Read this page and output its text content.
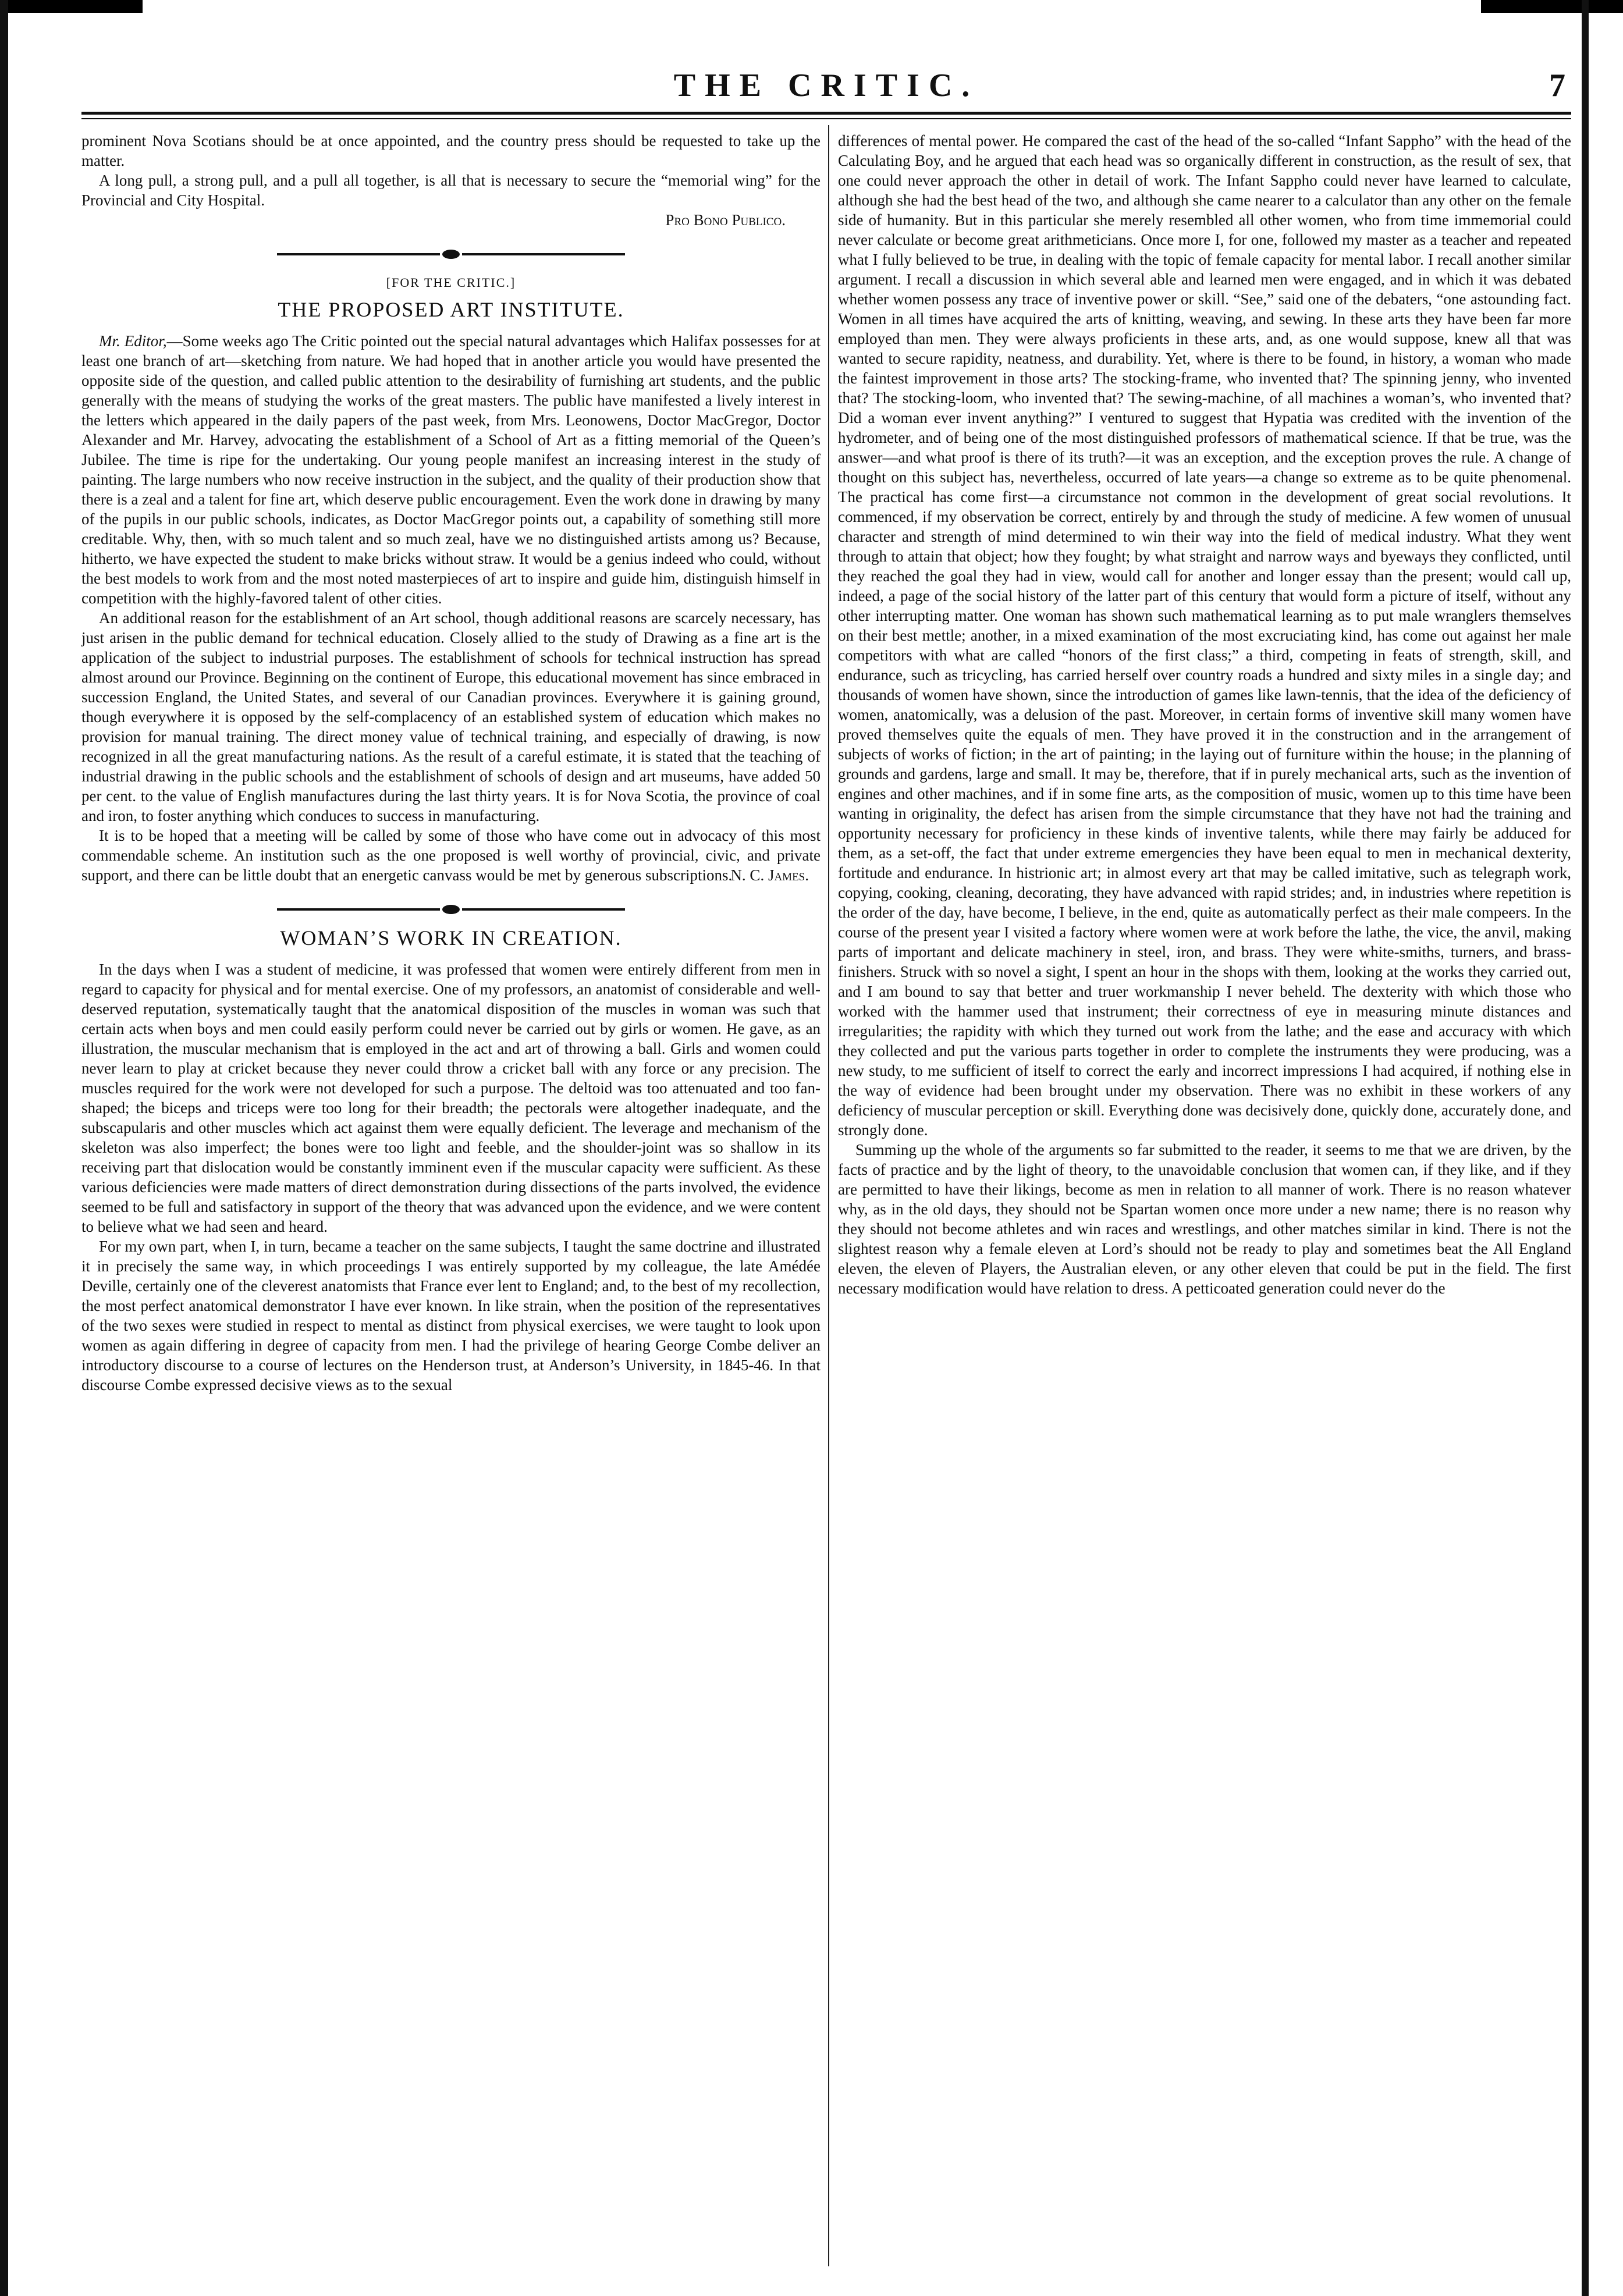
THE CRITIC.	7

prominent Nova Scotians should be at once appointed, and the country press should be requested to take up the matter.

A long pull, a strong pull, and a pull all together, is all that is necessary to secure the “memorial wing” for the Provincial and City Hospital.

Pro Bono Publico.
[FOR THE CRITIC.]
THE PROPOSED ART INSTITUTE.

Mr. Editor,—Some weeks ago The Critic pointed out the special natural advantages which Halifax possesses for at least one branch of art—sketching from nature. We had hoped that in another article you would have presented the opposite side of the question, and called public attention to the desirability of furnishing art students, and the public generally with the means of studying the works of the great masters. The public have manifested a lively interest in the letters which appeared in the daily papers of the past week, from Mrs. Leonowens, Doctor MacGregor, Doctor Alexander and Mr. Harvey, advocating the establishment of a School of Art as a fitting memorial of the Queen’s Jubilee. The time is ripe for the undertaking. Our young people manifest an increasing interest in the study of painting. The large numbers who now receive instruction in the subject, and the quality of their production show that there is a zeal and a talent for fine art, which deserve public encouragement. Even the work done in drawing by many of the pupils in our public schools, indicates, as Doctor MacGregor points out, a capability of something still more creditable. Why, then, with so much talent and so much zeal, have we no distinguished artists among us? Because, hitherto, we have expected the student to make bricks without straw. It would be a genius indeed who could, without the best models to work from and the most noted masterpieces of art to inspire and guide him, distinguish himself in competition with the highly-favored talent of other cities.

An additional reason for the establishment of an Art school, though additional reasons are scarcely necessary, has just arisen in the public demand for technical education. Closely allied to the study of Drawing as a fine art is the application of the subject to industrial purposes. The establishment of schools for technical instruction has spread almost around our Province. Beginning on the continent of Europe, this educational movement has since embraced in succession England, the United States, and several of our Canadian provinces. Everywhere it is gaining ground, though everywhere it is opposed by the self-complacency of an established system of education which makes no provision for manual training. The direct money value of technical training, and especially of drawing, is now recognized in all the great manufacturing nations. As the result of a careful estimate, it is stated that the teaching of industrial drawing in the public schools and the establishment of schools of design and art museums, have added 50 per cent. to the value of English manufactures during the last thirty years. It is for Nova Scotia, the province of coal and iron, to foster anything which conduces to success in manufacturing.

It is to be hoped that a meeting will be called by some of those who have come out in advocacy of this most commendable scheme. An institution such as the one proposed is well worthy of provincial, civic, and private support, and there can be little doubt that an energetic canvass would be met by generous subscriptions.

N. C. James.
WOMAN’S WORK IN CREATION.

In the days when I was a student of medicine, it was professed that women were entirely different from men in regard to capacity for physical and for mental exercise. One of my professors, an anatomist of considerable and well-deserved reputation, systematically taught that the anatomical disposition of the muscles in woman was such that certain acts when boys and men could easily perform could never be carried out by girls or women. He gave, as an illustration, the muscular mechanism that is employed in the act and art of throwing a ball. Girls and women could never learn to play at cricket because they never could throw a cricket ball with any force or any precision. The muscles required for the work were not developed for such a purpose. The deltoid was too attenuated and too fan-shaped; the biceps and triceps were too long for their breadth; the pectorals were altogether inadequate, and the subscapularis and other muscles which act against them were equally deficient. The leverage and mechanism of the skeleton was also imperfect; the bones were too light and feeble, and the shoulder-joint was so shallow in its receiving part that dislocation would be constantly imminent even if the muscular capacity were sufficient. As these various deficiencies were made matters of direct demonstration during dissections of the parts involved, the evidence seemed to be full and satisfactory in support of the theory that was advanced upon the evidence, and we were content to believe what we had seen and heard.

For my own part, when I, in turn, became a teacher on the same subjects, I taught the same doctrine and illustrated it in precisely the same way, in which proceedings I was entirely supported by my colleague, the late Amédée Deville, certainly one of the cleverest anatomists that France ever lent to England; and, to the best of my recollection, the most perfect anatomical demonstrator I have ever known. In like strain, when the position of the representatives of the two sexes were studied in respect to mental as distinct from physical exercises, we were taught to look upon women as again differing in degree of capacity from men. I had the privilege of hearing George Combe deliver an introductory discourse to a course of lectures on the Henderson trust, at Anderson’s University, in 1845-46. In that discourse Combe expressed decisive views as to the sexual

differences of mental power. He compared the cast of the head of the so-called “Infant Sappho” with the head of the Calculating Boy, and he argued that each head was so organically different in construction, as the result of sex, that one could never approach the other in detail of work. The Infant Sappho could never have learned to calculate, although she had the best head of the two, and although she came nearer to a calculator than any other on the female side of humanity. But in this particular she merely resembled all other women, who from time immemorial could never calculate or become great arithmeticians. Once more I, for one, followed my master as a teacher and repeated what I fully believed to be true, in dealing with the topic of female capacity for mental labor. I recall another similar argument. I recall a discussion in which several able and learned men were engaged, and in which it was debated whether women possess any trace of inventive power or skill. “See,” said one of the debaters, “one astounding fact. Women in all times have acquired the arts of knitting, weaving, and sewing. In these arts they have been far more employed than men. They were always proficients in these arts, and, as one would suppose, knew all that was wanted to secure rapidity, neatness, and durability. Yet, where is there to be found, in history, a woman who made the faintest improvement in those arts? The stocking-frame, who invented that? The spinning jenny, who invented that? The stocking-loom, who invented that? The sewing-machine, of all machines a woman’s, who invented that? Did a woman ever invent anything?” I ventured to suggest that Hypatia was credited with the invention of the hydrometer, and of being one of the most distinguished professors of mathematical science. If that be true, was the answer—and what proof is there of its truth?—it was an exception, and the exception proves the rule. A change of thought on this subject has, nevertheless, occurred of late years—a change so extreme as to be quite phenomenal. The practical has come first—a circumstance not common in the development of great social revolutions. It commenced, if my observation be correct, entirely by and through the study of medicine. A few women of unusual character and strength of mind determined to win their way into the field of medical industry. What they went through to attain that object; how they fought; by what straight and narrow ways and byeways they conflicted, until they reached the goal they had in view, would call for another and longer essay than the present; would call up, indeed, a page of the social history of the latter part of this century that would form a picture of itself, without any other interrupting matter. One woman has shown such mathematical learning as to put male wranglers themselves on their best mettle; another, in a mixed examination of the most excruciating kind, has come out against her male competitors with what are called “honors of the first class;” a third, competing in feats of strength, skill, and endurance, such as tricycling, has carried herself over country roads a hundred and sixty miles in a single day; and thousands of women have shown, since the introduction of games like lawn-tennis, that the idea of the deficiency of women, anatomically, was a delusion of the past. Moreover, in certain forms of inventive skill many women have proved themselves quite the equals of men. They have proved it in the construction and in the arrangement of subjects of works of fiction; in the art of painting; in the laying out of furniture within the house; in the planning of grounds and gardens, large and small. It may be, therefore, that if in purely mechanical arts, such as the invention of engines and other machines, and if in some fine arts, as the composition of music, women up to this time have been wanting in originality, the defect has arisen from the simple circumstance that they have not had the training and opportunity necessary for proficiency in these kinds of inventive talents, while there may fairly be adduced for them, as a set-off, the fact that under extreme emergencies they have been equal to men in mechanical dexterity, fortitude and endurance. In histrionic art; in almost every art that may be called imitative, such as telegraph work, copying, cooking, cleaning, decorating, they have advanced with rapid strides; and, in industries where repetition is the order of the day, have become, I believe, in the end, quite as automatically perfect as their male compeers. In the course of the present year I visited a factory where women were at work before the lathe, the vice, the anvil, making parts of important and delicate machinery in steel, iron, and brass. They were white-smiths, turners, and brass-finishers. Struck with so novel a sight, I spent an hour in the shops with them, looking at the works they carried out, and I am bound to say that better and truer workmanship I never beheld. The dexterity with which those who worked with the hammer used that instrument; their correctness of eye in measuring minute distances and irregularities; the rapidity with which they turned out work from the lathe; and the ease and accuracy with which they collected and put the various parts together in order to complete the instruments they were producing, was a new study, to me sufficient of itself to correct the early and incorrect impressions I had acquired, if nothing else in the way of evidence had been brought under my observation. There was no exhibit in these workers of any deficiency of muscular perception or skill. Everything done was decisively done, quickly done, accurately done, and strongly done.

Summing up the whole of the arguments so far submitted to the reader, it seems to me that we are driven, by the facts of practice and by the light of theory, to the unavoidable conclusion that women can, if they like, and if they are permitted to have their likings, become as men in relation to all manner of work. There is no reason whatever why, as in the old days, they should not be Spartan women once more under a new name; there is no reason why they should not become athletes and win races and wrestlings, and other matches similar in kind. There is not the slightest reason why a female eleven at Lord’s should not be ready to play and sometimes beat the All England eleven, the eleven of Players, the Australian eleven, or any other eleven that could be put in the field. The first necessary modification would have relation to dress. A petticoated generation could never do the
